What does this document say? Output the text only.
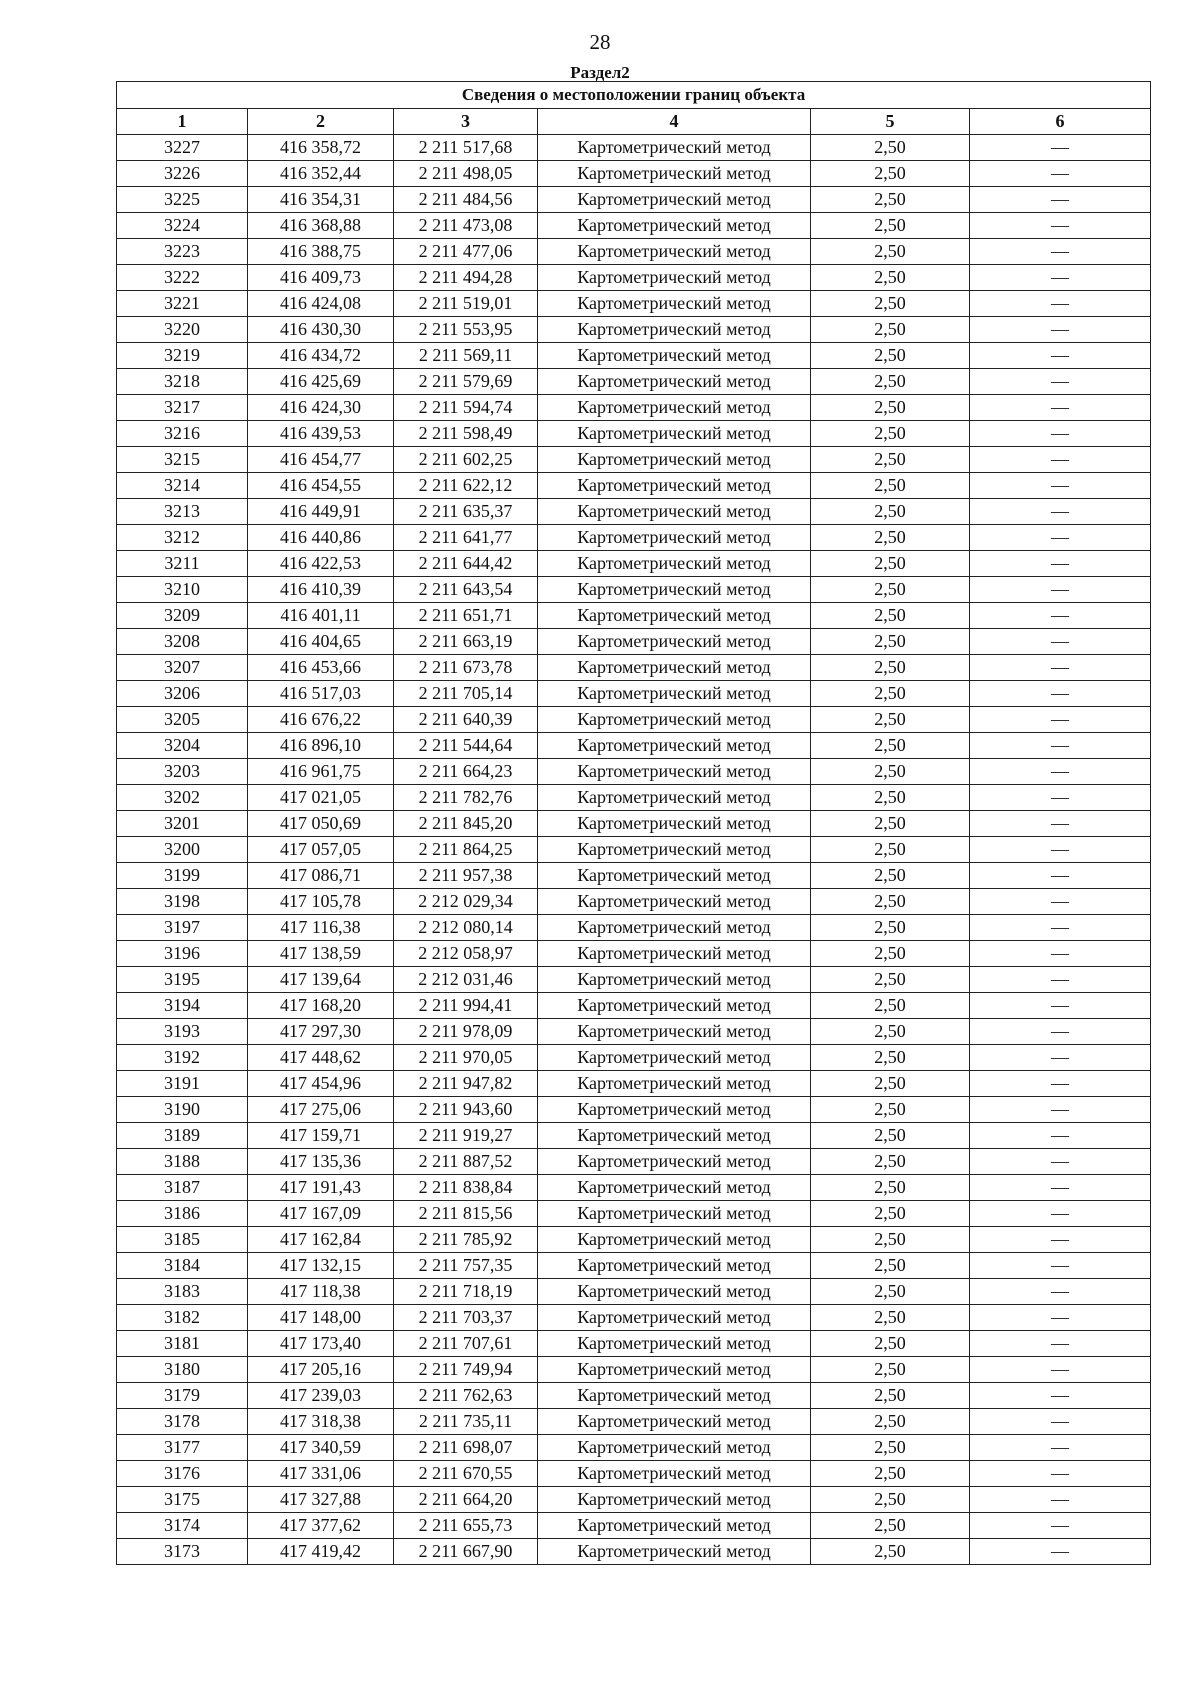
28
Раздел2
Сведения о местоположении границ объекта					
1	2	3	4	5	6
3227	416 358,72	2 211 517,68	Картометрический метод	2,50	—
3226	416 352,44	2 211 498,05	Картометрический метод	2,50	—
3225	416 354,31	2 211 484,56	Картометрический метод	2,50	—
3224	416 368,88	2 211 473,08	Картометрический метод	2,50	—
3223	416 388,75	2 211 477,06	Картометрический метод	2,50	—
3222	416 409,73	2 211 494,28	Картометрический метод	2,50	—
3221	416 424,08	2 211 519,01	Картометрический метод	2,50	—
3220	416 430,30	2 211 553,95	Картометрический метод	2,50	—
3219	416 434,72	2 211 569,11	Картометрический метод	2,50	—
3218	416 425,69	2 211 579,69	Картометрический метод	2,50	—
3217	416 424,30	2 211 594,74	Картометрический метод	2,50	—
3216	416 439,53	2 211 598,49	Картометрический метод	2,50	—
3215	416 454,77	2 211 602,25	Картометрический метод	2,50	—
3214	416 454,55	2 211 622,12	Картометрический метод	2,50	—
3213	416 449,91	2 211 635,37	Картометрический метод	2,50	—
3212	416 440,86	2 211 641,77	Картометрический метод	2,50	—
3211	416 422,53	2 211 644,42	Картометрический метод	2,50	—
3210	416 410,39	2 211 643,54	Картометрический метод	2,50	—
3209	416 401,11	2 211 651,71	Картометрический метод	2,50	—
3208	416 404,65	2 211 663,19	Картометрический метод	2,50	—
3207	416 453,66	2 211 673,78	Картометрический метод	2,50	—
3206	416 517,03	2 211 705,14	Картометрический метод	2,50	—
3205	416 676,22	2 211 640,39	Картометрический метод	2,50	—
3204	416 896,10	2 211 544,64	Картометрический метод	2,50	—
3203	416 961,75	2 211 664,23	Картометрический метод	2,50	—
3202	417 021,05	2 211 782,76	Картометрический метод	2,50	—
3201	417 050,69	2 211 845,20	Картометрический метод	2,50	—
3200	417 057,05	2 211 864,25	Картометрический метод	2,50	—
3199	417 086,71	2 211 957,38	Картометрический метод	2,50	—
3198	417 105,78	2 212 029,34	Картометрический метод	2,50	—
3197	417 116,38	2 212 080,14	Картометрический метод	2,50	—
3196	417 138,59	2 212 058,97	Картометрический метод	2,50	—
3195	417 139,64	2 212 031,46	Картометрический метод	2,50	—
3194	417 168,20	2 211 994,41	Картометрический метод	2,50	—
3193	417 297,30	2 211 978,09	Картометрический метод	2,50	—
3192	417 448,62	2 211 970,05	Картометрический метод	2,50	—
3191	417 454,96	2 211 947,82	Картометрический метод	2,50	—
3190	417 275,06	2 211 943,60	Картометрический метод	2,50	—
3189	417 159,71	2 211 919,27	Картометрический метод	2,50	—
3188	417 135,36	2 211 887,52	Картометрический метод	2,50	—
3187	417 191,43	2 211 838,84	Картометрический метод	2,50	—
3186	417 167,09	2 211 815,56	Картометрический метод	2,50	—
3185	417 162,84	2 211 785,92	Картометрический метод	2,50	—
3184	417 132,15	2 211 757,35	Картометрический метод	2,50	—
3183	417 118,38	2 211 718,19	Картометрический метод	2,50	—
3182	417 148,00	2 211 703,37	Картометрический метод	2,50	—
3181	417 173,40	2 211 707,61	Картометрический метод	2,50	—
3180	417 205,16	2 211 749,94	Картометрический метод	2,50	—
3179	417 239,03	2 211 762,63	Картометрический метод	2,50	—
3178	417 318,38	2 211 735,11	Картометрический метод	2,50	—
3177	417 340,59	2 211 698,07	Картометрический метод	2,50	—
3176	417 331,06	2 211 670,55	Картометрический метод	2,50	—
3175	417 327,88	2 211 664,20	Картометрический метод	2,50	—
3174	417 377,62	2 211 655,73	Картометрический метод	2,50	—
3173	417 419,42	2 211 667,90	Картометрический метод	2,50	—
